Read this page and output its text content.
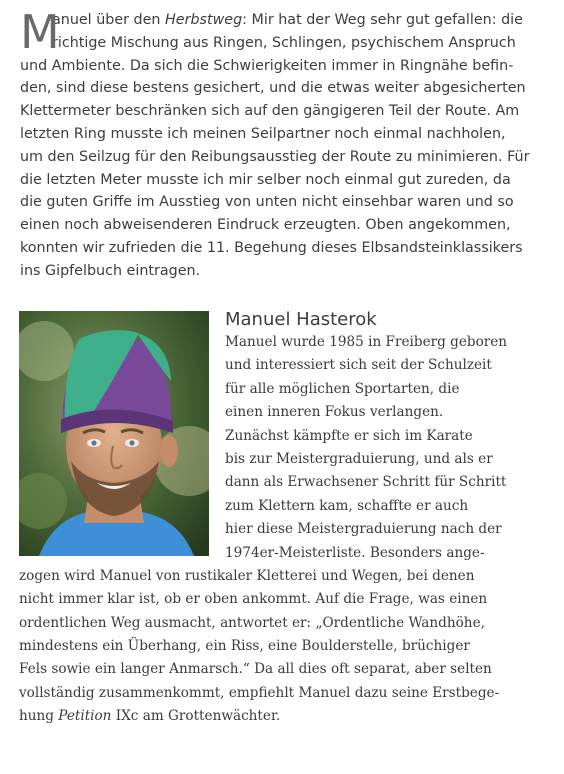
M
anuel über den Herbstweg: Mir hat der Weg sehr gut gefallen: die
richtige Mischung aus Ringen, Schlingen, psychischem Anspruch
und Ambiente. Da sich die Schwierigkeiten immer in Ringnähe befin-
den, sind diese bestens gesichert, und die etwas weiter abgesicherten
Klettermeter beschränken sich auf den gängigeren Teil der Route. Am
letzten Ring musste ich meinen Seilpartner noch einmal nachholen,
um den Seilzug für den Reibungsausstieg der Route zu minimieren. Für
die letzten Meter musste ich mir selber noch einmal gut zureden, da
die guten Griffe im Ausstieg von unten nicht einsehbar waren und so
einen noch abweisenderen Eindruck erzeugten. Oben angekommen,
konnten wir zufrieden die 11. Begehung dieses Elbsandsteinklassikers
ins Gipfelbuch eintragen.
Manuel Hasterok
Manuel wurde 1985 in Freiberg geboren
und interessiert sich seit der Schulzeit
für alle möglichen Sportarten, die
einen inneren Fokus verlangen.
Zunächst kämpfte er sich im Karate
bis zur Meistergraduierung, und als er
dann als Erwachsener Schritt für Schritt
zum Klettern kam, schaffte er auch
hier diese Meistergraduierung nach der
1974er-Meisterliste. Besonders ange-
zogen wird Manuel von rustikaler Kletterei und Wegen, bei denen
nicht immer klar ist, ob er oben ankommt. Auf die Frage, was einen
ordentlichen Weg ausmacht, antwortet er: „Ordentliche Wandhöhe,
mindestens ein Überhang, ein Riss, eine Boulderstelle, brüchiger
Fels sowie ein langer Anmarsch.“ Da all dies oft separat, aber selten
vollständig zusammenkommt, empfiehlt Manuel dazu seine Erstbege-
hung Petition IXc am Grottenwächter.
